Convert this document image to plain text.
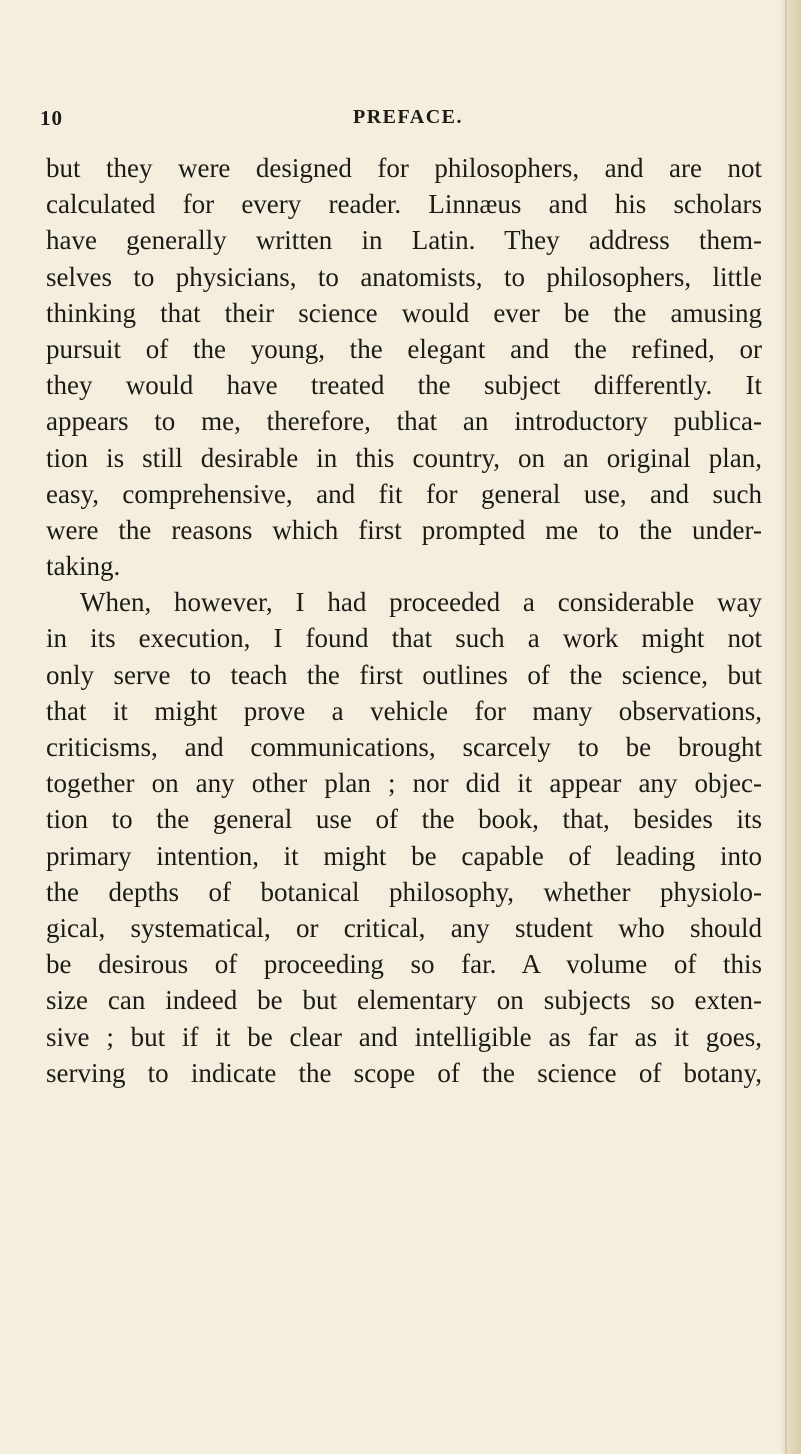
10	PREFACE.
but they were designed for philosophers, and are not
calculated for every reader. Linnæus and his scholars
have generally written in Latin. They address them-
selves to physicians, to anatomists, to philosophers, little
thinking that their science would ever be the amusing
pursuit of the young, the elegant and the refined, or
they would have treated the subject differently. It
appears to me, therefore, that an introductory publica-
tion is still desirable in this country, on an original plan,
easy, comprehensive, and fit for general use, and such
were the reasons which first prompted me to the under-
taking.
When, however, I had proceeded a considerable way
in its execution, I found that such a work might not
only serve to teach the first outlines of the science, but
that it might prove a vehicle for many observations,
criticisms, and communications, scarcely to be brought
together on any other plan ; nor did it appear any objec-
tion to the general use of the book, that, besides its
primary intention, it might be capable of leading into
the depths of botanical philosophy, whether physiolo-
gical, systematical, or critical, any student who should
be desirous of proceeding so far. A volume of this
size can indeed be but elementary on subjects so exten-
sive ; but if it be clear and intelligible as far as it goes,
serving to indicate the scope of the science of botany,
